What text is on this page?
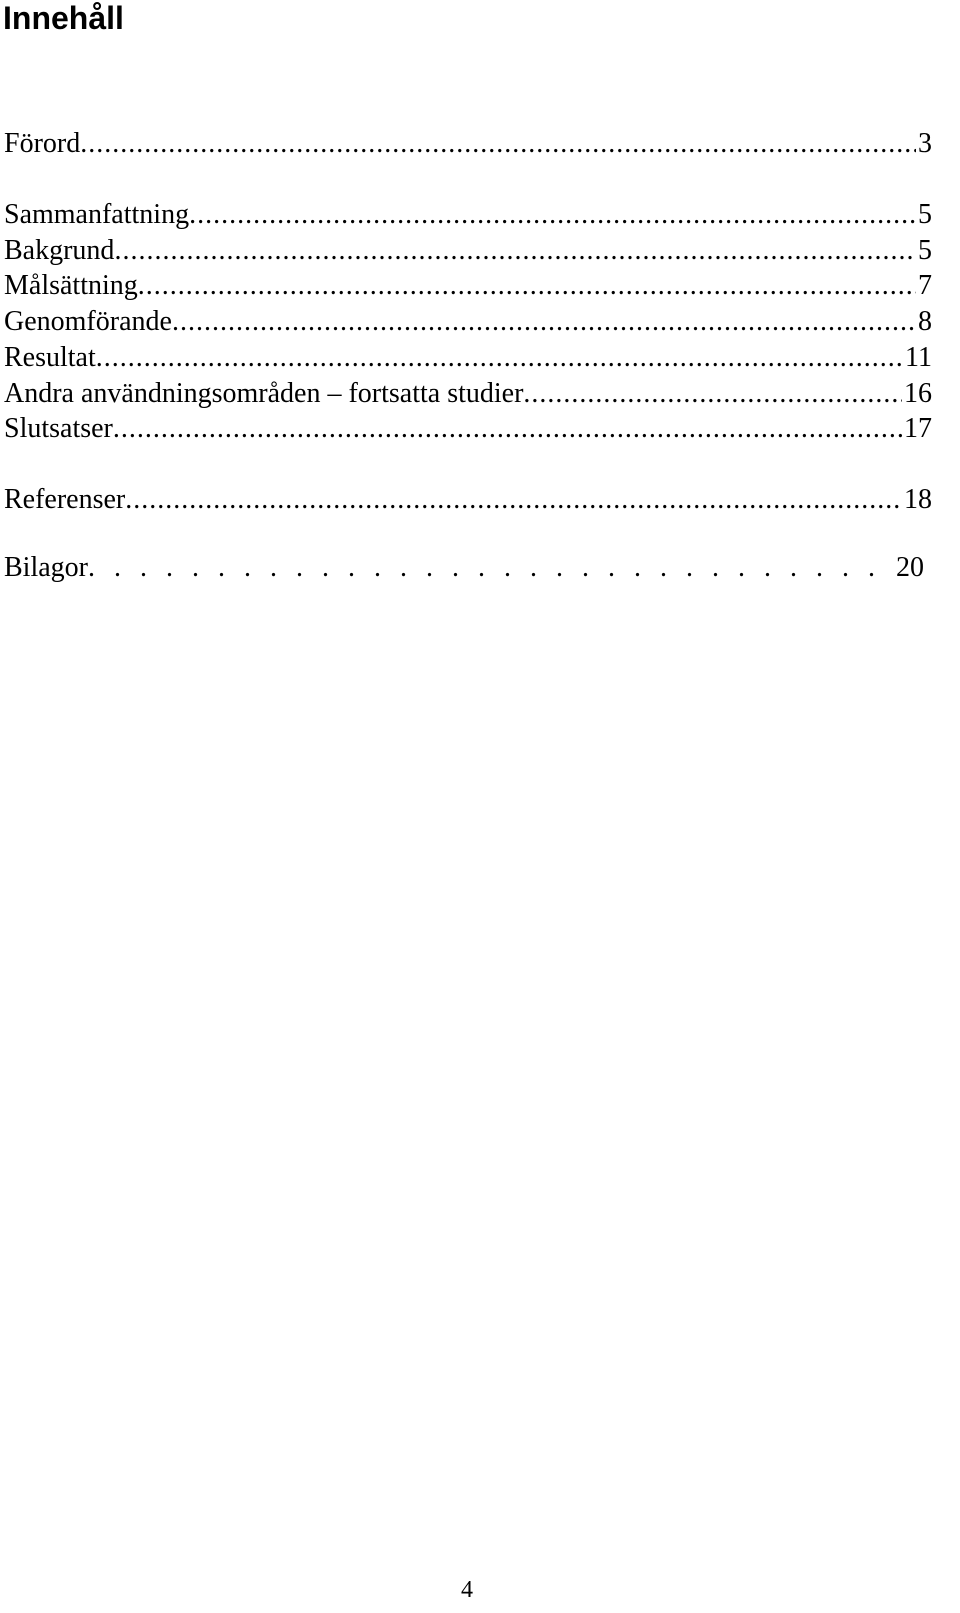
Innehåll
Förord .....	3
Sammanfattning .....	5
Bakgrund .....	5
Målsättning .....	7
Genomförande .....	8
Resultat .....	11
Andra användningsområden – fortsatta studier .....	16
Slutsatser .....	17
Referenser .....	18
Bilagor . . .	20
4
